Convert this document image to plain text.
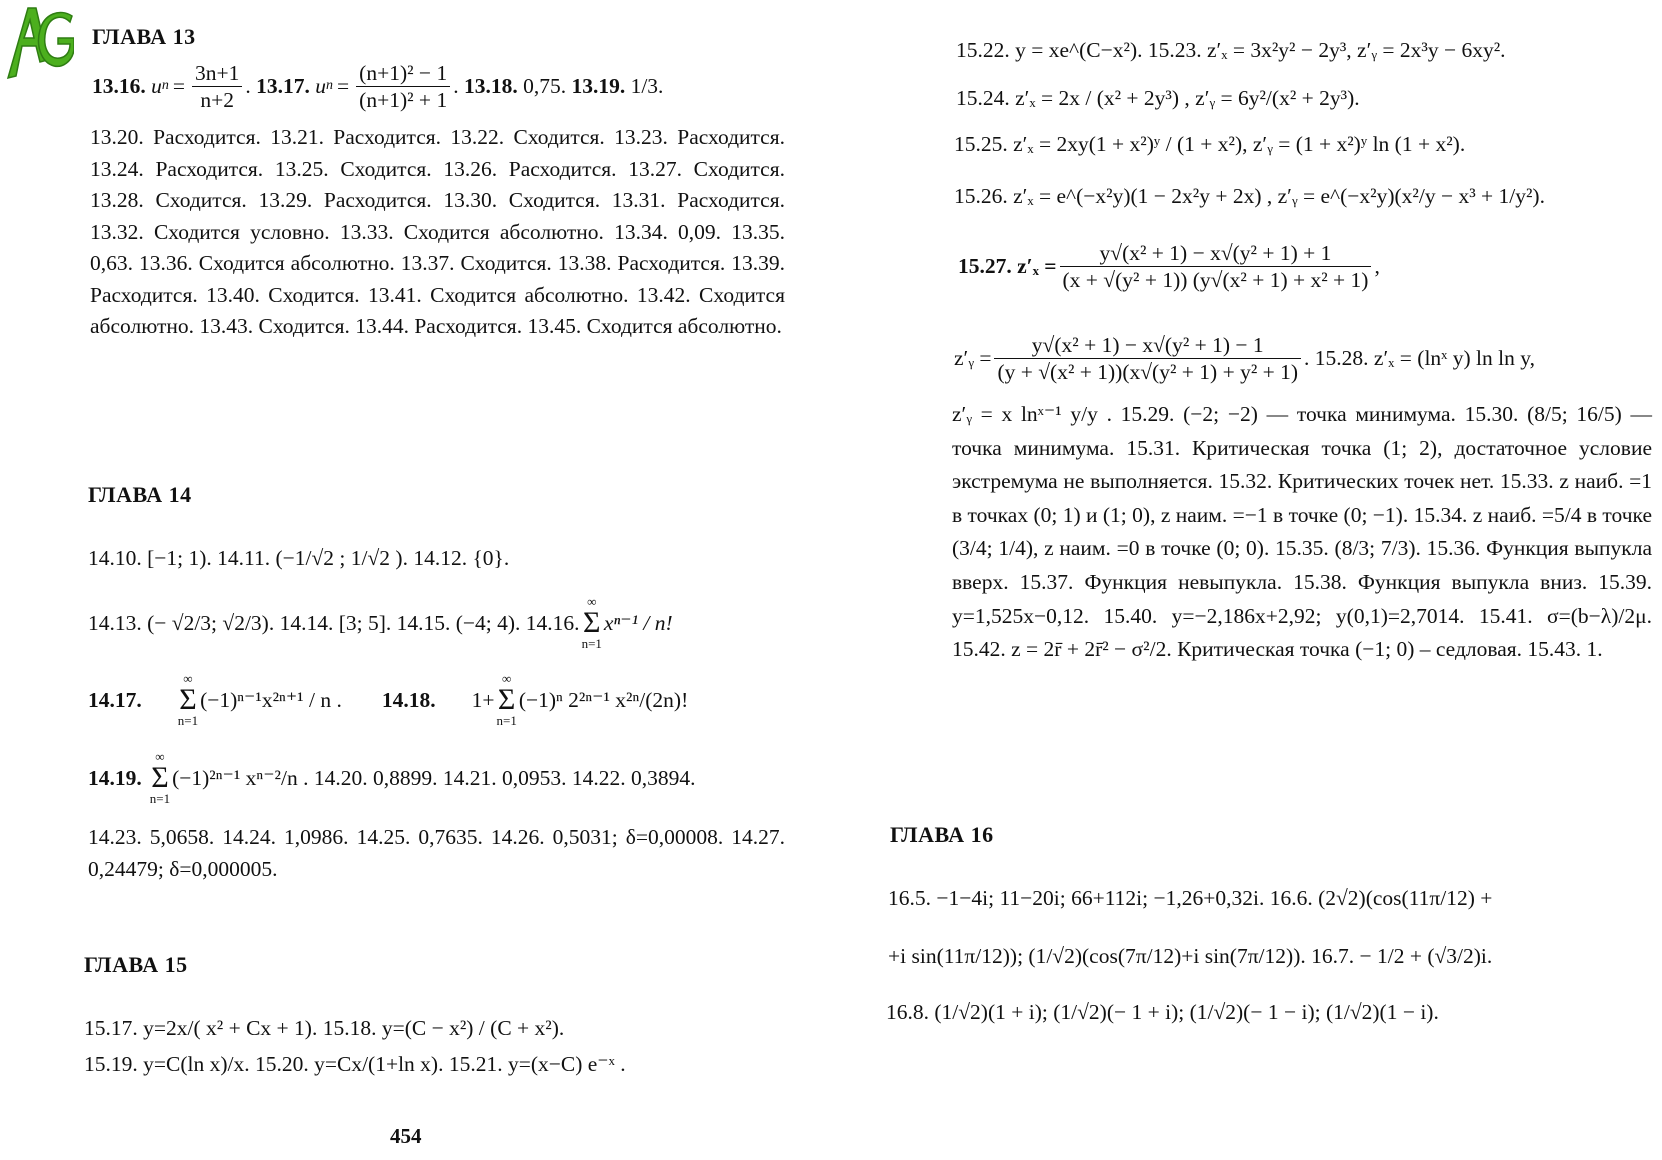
ГЛАВА 13
13.16.
u $n = \frac{3n+1}{n+2}$ . 13.17.
u $n = \frac{\text{(n+1)² − 1}}{\text{(n+1)² + 1}}$ . 13.18. 0,75. 13.19. 1/3.
13.20. Расходится. 13.21. Расходится. 13.22. Сходится. 13.23. Расходится. 13.24. Расходится. 13.25. Сходится. 13.26. Расходится. 13.27. Сходится. 13.28. Сходится. 13.29. Расходится. 13.30. Сходится. 13.31. Расходится. 13.32. Сходится условно. 13.33. Сходится абсолютно. 13.34. 0,09. 13.35. 0,63. 13.36. Сходится абсолютно. 13.37. Сходится. 13.38. Расходится. 13.39. Расходится. 13.40. Сходится. 13.41. Сходится абсолютно. 13.42. Сходится абсолютно. 13.43. Сходится. 13.44. Расходится. 13.45. Сходится абсолютно.
ГЛАВА 14
14.10. [−1; 1). 14.11. (−1/√2 ; 1/√2 ). 14.12. {0}.
14.13. (− √2/3; √2/3). 14.14. [3; 5]. 14.15. (−4; 4). 14.16.
∞
Σ
n=1
xⁿ⁻¹ / n!
14.17.
∞
Σ
n=1
(−1)ⁿ⁻¹x²ⁿ⁺¹ / n . 14.18. 1+
∞
Σ
n=1
(−1)ⁿ 2²ⁿ⁻¹ x²ⁿ/(2n)!
14.19.
∞
Σ
n=1
(−1)²ⁿ⁻¹ xⁿ⁻²/n . 14.20. 0,8899. 14.21. 0,0953. 14.22. 0,3894.
14.23. 5,0658. 14.24. 1,0986. 14.25. 0,7635. 14.26. 0,5031; δ=0,00008. 14.27. 0,24479; δ=0,000005.
ГЛАВА 15
15.17. y=2x/( x² + Cx + 1). 15.18. y=(C − x²) / (C + x²).
15.19. y=C(ln x)/x. 15.20. y=Cx/(1+ln x). 15.21. y=(x−C) e⁻ˣ .
454
15.22. y = xe^(C−x²). 15.23. z′ₓ = 3x²y² − 2y³, z′ᵧ = 2x³y − 6xy².
15.24. z′ₓ = 2x / (x² + 2y³) , z′ᵧ = 6y²/(x² + 2y³).
15.25. z′ₓ = 2xy(1 + x²)ʸ / (1 + x²), z′ᵧ = (1 + x²)ʸ ln (1 + x²).
15.26. z′ₓ = e^(−x²y)(1 − 2x²y + 2x) , z′ᵧ = e^(−x²y)(x²/y − x³ + 1/y²).
15.27. $z'_x = \frac{\text{y√(x² + 1) − x√(y² + 1) + 1}}{\text{(x + √(y² + 1)) (y√(x² + 1) + x² + 1)}}$ ,
z′ᵧ = $\frac{\text{y√(x² + 1) − x√(y² + 1) − 1}}{\text{(y + √(x² + 1))(x√(y² + 1) + y² + 1)}}$ . 15.28. z′ₓ = (lnˣ y) ln ln y,
z′ᵧ = x lnˣ⁻¹ y/y . 15.29. (−2; −2) — точка минимума. 15.30. (8/5; 16/5) — точка минимума. 15.31. Критическая точка (1; 2), достаточное условие экстремума не выполняется. 15.32. Критических точек нет. 15.33. z наиб. =1 в точках (0; 1) и (1; 0), z наим. =−1 в точке (0; −1). 15.34. z наиб. =5/4 в точке (3/4; 1/4), z наим. =0 в точке (0; 0). 15.35. (8/3; 7/3). 15.36. Функция выпукла вверх. 15.37. Функция невыпукла. 15.38. Функция выпукла вниз. 15.39. y=1,525x−0,12. 15.40. y=−2,186x+2,92; y(0,1)=2,7014. 15.41. σ=(b−λ)/2μ. 15.42. z = 2r̄ + 2r̄² − σ²/2. Критическая точка (−1; 0) – седловая. 15.43. 1.
ГЛАВА 16
16.5. −1−4i; 11−20i; 66+112i; −1,26+0,32i. 16.6. (2√2)(cos(11π/12) +
+i sin(11π/12)); (1/√2)(cos(7π/12)+i sin(7π/12)). 16.7. − 1/2 + (√3/2)i.
16.8. (1/√2)(1 + i); (1/√2)(− 1 + i); (1/√2)(− 1 − i); (1/√2)(1 − i).
